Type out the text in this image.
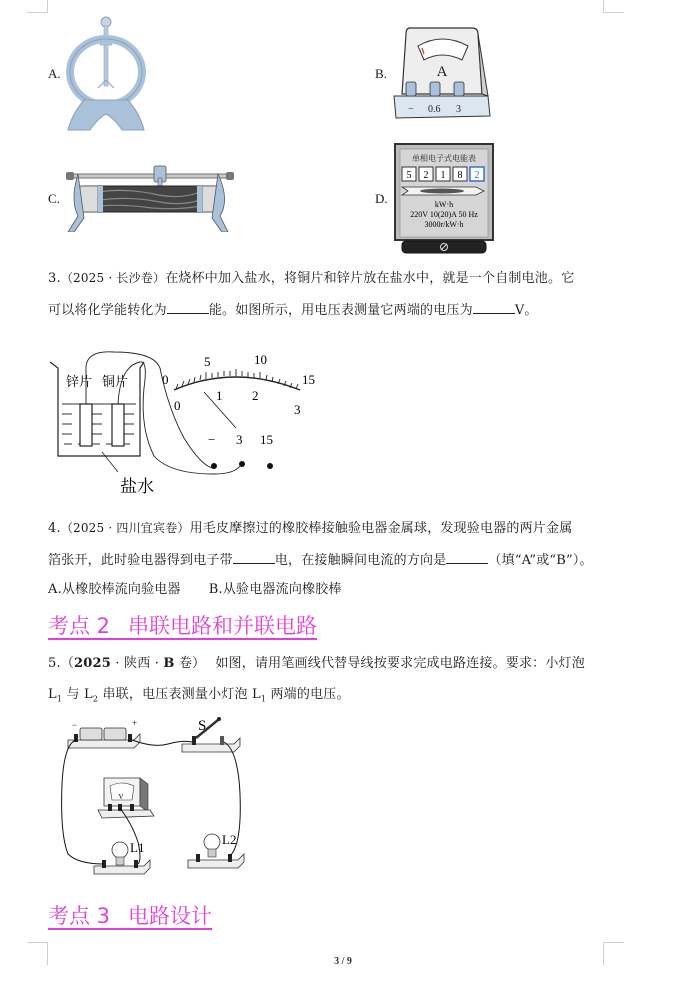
A.	B.	A
− 0.6 3
C.	D.
单相电子式电能表
5 2 1 8 2
kW·h
220V 10(20)A 50 Hz
3000r/kW·h
3.（2025 · 长沙卷）在烧杯中加入盐水，将铜片和锌片放在盐水中，就是一个自制电池。它
可以将化学能转化为	能。如图所示，用电压表测量它两端的电压为	V。
锌片 铜片	0
5	10
15
0
1 2
3
− 3 15
盐水
4.（2025 · 四川宜宾卷）用毛皮摩擦过的橡胶棒接触验电器金属球，发现验电器的两片金属
箔张开，此时验电器得到电子带	电，在接触瞬间电流的方向是	（填“A”或“B”）。
A.从橡胶棒流向验电器 B.从验电器流向橡胶棒
考点 2 串联电路和并联电路
5.（2025 · 陕西 · B 卷） 如图，请用笔画线代替导线按要求完成电路连接。要求：小灯泡
$L_1$ 与 $L_2$ 串联，电压表测量小灯泡 $L_1$ 两端的电压。
−	+	S
V
L1
L2
考点 3 电路设计
3 / 9
